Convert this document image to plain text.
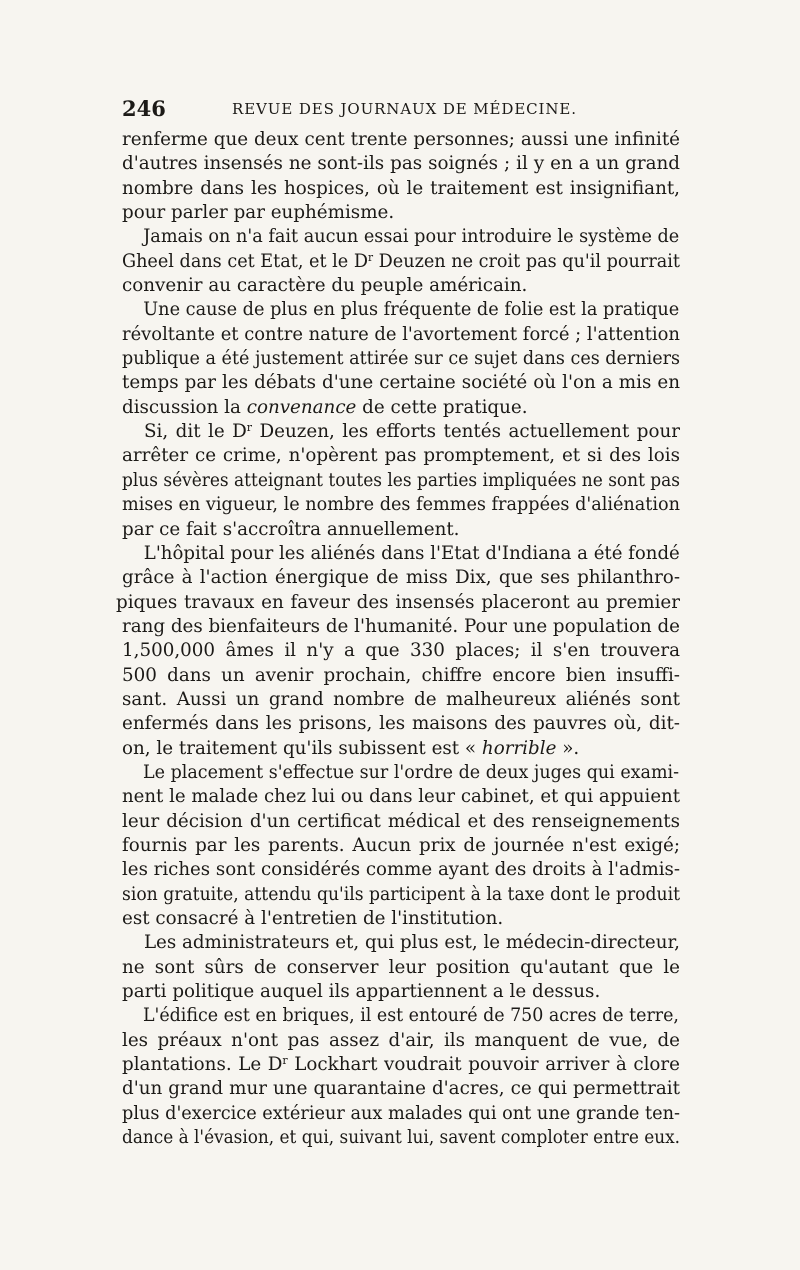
246	REVUE DES JOURNAUX DE MÉDECINE.
renferme que deux cent trente personnes; aussi une infinité
d'autres insensés ne sont-ils pas soignés ; il y en a un grand
nombre dans les hospices, où le traitement est insignifiant,
pour parler par euphémisme.
Jamais on n'a fait aucun essai pour introduire le système de
Gheel dans cet Etat, et le $D^r$ Deuzen ne croit pas qu'il pourrait
convenir au caractère du peuple américain.
Une cause de plus en plus fréquente de folie est la pratique
révoltante et contre nature de l'avortement forcé ; l'attention
publique a été justement attirée sur ce sujet dans ces derniers
temps par les débats d'une certaine société où l'on a mis en
discussion la convenance de cette pratique.
Si, dit le $D^r$ Deuzen, les efforts tentés actuellement pour
arrêter ce crime, n'opèrent pas promptement, et si des lois
plus sévères atteignant toutes les parties impliquées ne sont pas
mises en vigueur, le nombre des femmes frappées d'aliénation
par ce fait s'accroîtra annuellement.
L'hôpital pour les aliénés dans l'Etat d'Indiana a été fondé
grâce à l'action énergique de miss Dix, que ses philanthro-
piques travaux en faveur des insensés placeront au premier
rang des bienfaiteurs de l'humanité. Pour une population de
1,500,000 âmes il n'y a que 330 places; il s'en trouvera
500 dans un avenir prochain, chiffre encore bien insuffi-
sant. Aussi un grand nombre de malheureux aliénés sont
enfermés dans les prisons, les maisons des pauvres où, dit-
on, le traitement qu'ils subissent est « horrible ».
Le placement s'effectue sur l'ordre de deux juges qui exami-
nent le malade chez lui ou dans leur cabinet, et qui appuient
leur décision d'un certificat médical et des renseignements
fournis par les parents. Aucun prix de journée n'est exigé;
les riches sont considérés comme ayant des droits à l'admis-
sion gratuite, attendu qu'ils participent à la taxe dont le produit
est consacré à l'entretien de l'institution.
Les administrateurs et, qui plus est, le médecin-directeur,
ne sont sûrs de conserver leur position qu'autant que le
parti politique auquel ils appartiennent a le dessus.
L'édifice est en briques, il est entouré de 750 acres de terre,
les préaux n'ont pas assez d'air, ils manquent de vue, de
plantations. Le $D^r$ Lockhart voudrait pouvoir arriver à clore
d'un grand mur une quarantaine d'acres, ce qui permettrait
plus d'exercice extérieur aux malades qui ont une grande ten-
dance à l'évasion, et qui, suivant lui, savent comploter entre eux.
